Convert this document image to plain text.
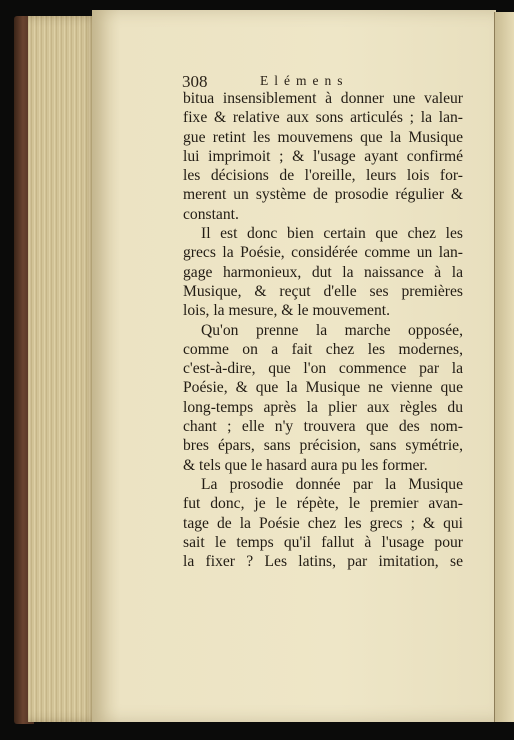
308	Elémens
bitua insensiblement à donner une valeur
fixe & relative aux sons articulés ; la lan-
gue retint les mouvemens que la Musique
lui imprimoit ; & l'usage ayant confirmé
les décisions de l'oreille, leurs lois for-
merent un système de prosodie régulier &
constant.
Il est donc bien certain que chez les
grecs la Poésie, considérée comme un lan-
gage harmonieux, dut la naissance à la
Musique, & reçut d'elle ses premières
lois, la mesure, & le mouvement.
Qu'on prenne la marche opposée,
comme on a fait chez les modernes,
c'est-à-dire, que l'on commence par la
Poésie, & que la Musique ne vienne que
long-temps après la plier aux règles du
chant ; elle n'y trouvera que des nom-
bres épars, sans précision, sans symétrie,
& tels que le hasard aura pu les former.
La prosodie donnée par la Musique
fut donc, je le répète, le premier avan-
tage de la Poésie chez les grecs ; & qui
sait le temps qu'il fallut à l'usage pour
la fixer ? Les latins, par imitation, se
